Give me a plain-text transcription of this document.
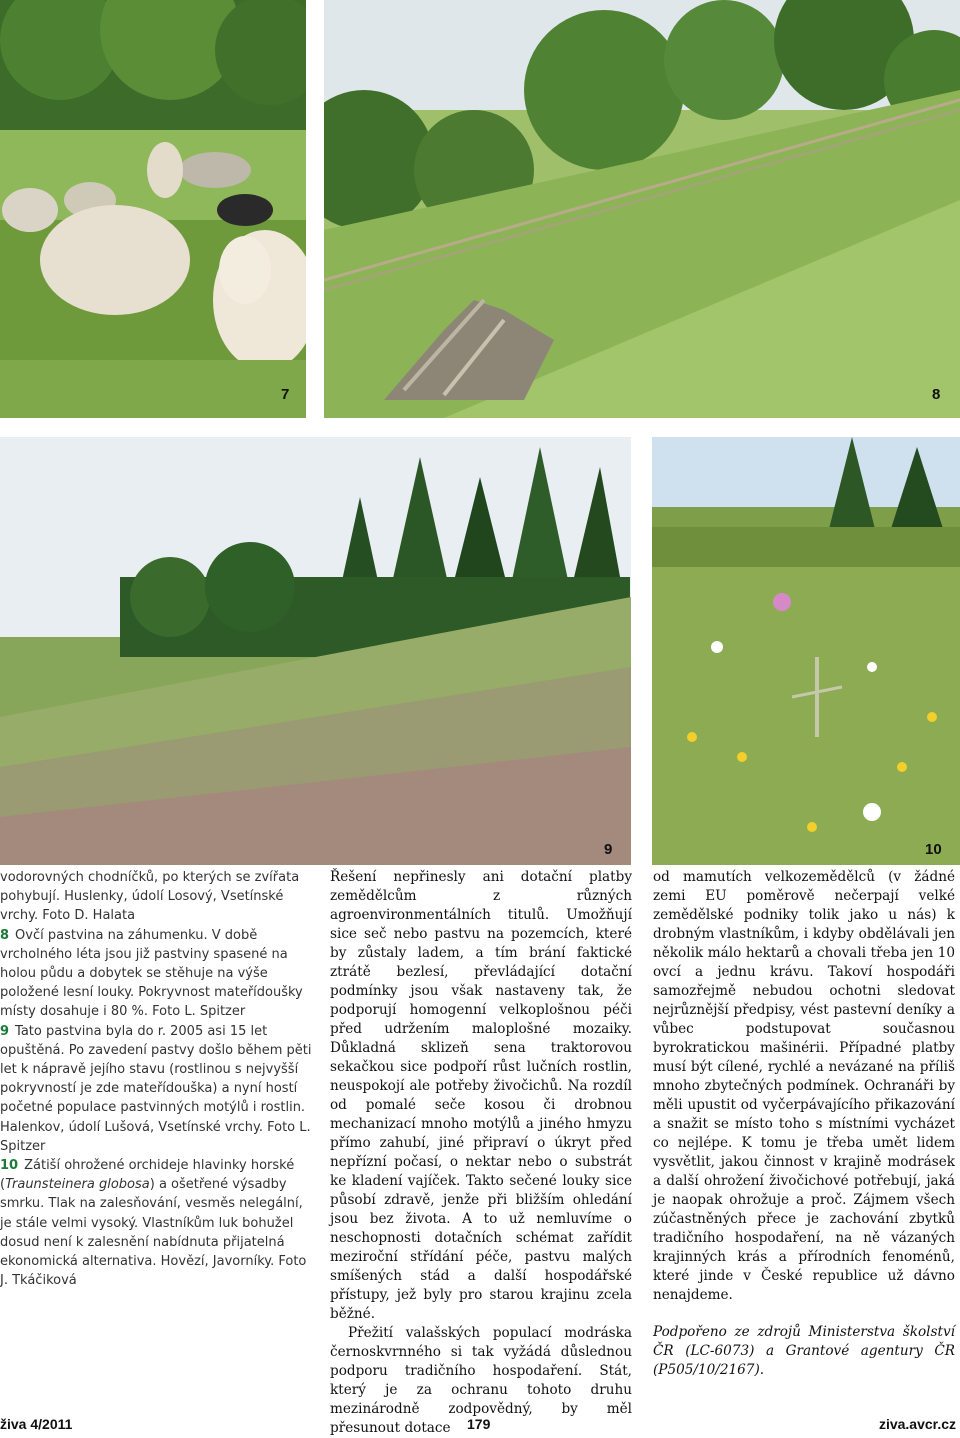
7	8
9	10

vodorovných chodníčků, po kterých se zvířata pohybují. Huslenky, údolí Losový, Vsetínské vrchy. Foto D. Halata

8 Ovčí pastvina na záhumenku. V době vrcholného léta jsou již pastviny spasené na holou půdu a dobytek se stěhuje na výše položené lesní louky. Pokryvnost mateřídoušky místy dosahuje i 80 %. Foto L. Spitzer

9 Tato pastvina byla do r. 2005 asi 15 let opuštěná. Po zavedení pastvy došlo během pěti let k nápravě jejího stavu (rostlinou s nejvyšší pokryvností je zde mateřídouška) a nyní hostí početné populace pastvinných motýlů i rostlin. Halenkov, údolí Lušová, Vsetínské vrchy. Foto L. Spitzer

10 Zátiší ohrožené orchideje hlavinky horské (Traunsteinera globosa) a ošetřené výsadby smrku. Tlak na zalesňování, vesměs nelegální, je stále velmi vysoký. Vlastníkům luk bohužel dosud není k zalesnění nabídnuta přijatelná ekonomická alternativa. Hovězí, Javorníky. Foto J. Tkáčiková

Řešení nepřinesly ani dotační platby zemědělcům z různých agroenvironmentálních titulů. Umožňují sice seč nebo pastvu na pozemcích, které by zůstaly ladem, a tím brání faktické ztrátě bezlesí, převládající dotační podmínky jsou však nastaveny tak, že podporují homogenní velkoplošnou péči před udržením maloplošné mozaiky. Důkladná sklizeň sena traktorovou sekačkou sice podpoří růst lučních rostlin, neuspokojí ale potřeby živočichů. Na rozdíl od pomalé seče kosou či drobnou mechanizací mnoho motýlů a jiného hmyzu přímo zahubí, jiné připraví o úkryt před nepřízní počasí, o nektar nebo o substrát ke kladení vajíček. Takto sečené louky sice působí zdravě, jenže při bližším ohledání jsou bez života. A to už nemluvíme o neschopnosti dotačních schémat zařídit meziroční střídání péče, pastvu malých smíšených stád a další hospodářské přístupy, jež byly pro starou krajinu zcela běžné.

Přežití valašských populací modráska černoskvrnného si tak vyžádá důslednou podporu tradičního hospodaření. Stát, který je za ochranu tohoto druhu mezinárodně zodpovědný, by měl přesunout dotace

od mamutích velkozemědělců (v žádné zemi EU poměrově nečerpají velké zemědělské podniky tolik jako u nás) k drobným vlastníkům, i kdyby obdělávali jen několik málo hektarů a chovali třeba jen 10 ovcí a jednu krávu. Takoví hospodáři samozřejmě nebudou ochotni sledovat nejrůznější předpisy, vést pastevní deníky a vůbec podstupovat současnou byrokratickou mašinérii. Případné platby musí být cílené, rychlé a nevázané na příliš mnoho zbytečných podmínek. Ochranáři by měli upustit od vyčerpávajícího přikazování a snažit se místo toho s místními vycházet co nejlépe. K tomu je třeba umět lidem vysvětlit, jakou činnost v krajině modrásek a další ohrožení živočichové potřebují, jaká je naopak ohrožuje a proč. Zájmem všech zúčastněných přece je zachování zbytků tradičního hospodaření, na ně vázaných krajinných krás a přírodních fenoménů, které jinde v České republice už dávno nenajdeme.

Podpořeno ze zdrojů Ministerstva školství ČR (LC-6073) a Grantové agentury ČR (P505/10/2167).

živa 4/2011	179	ziva.avcr.cz
